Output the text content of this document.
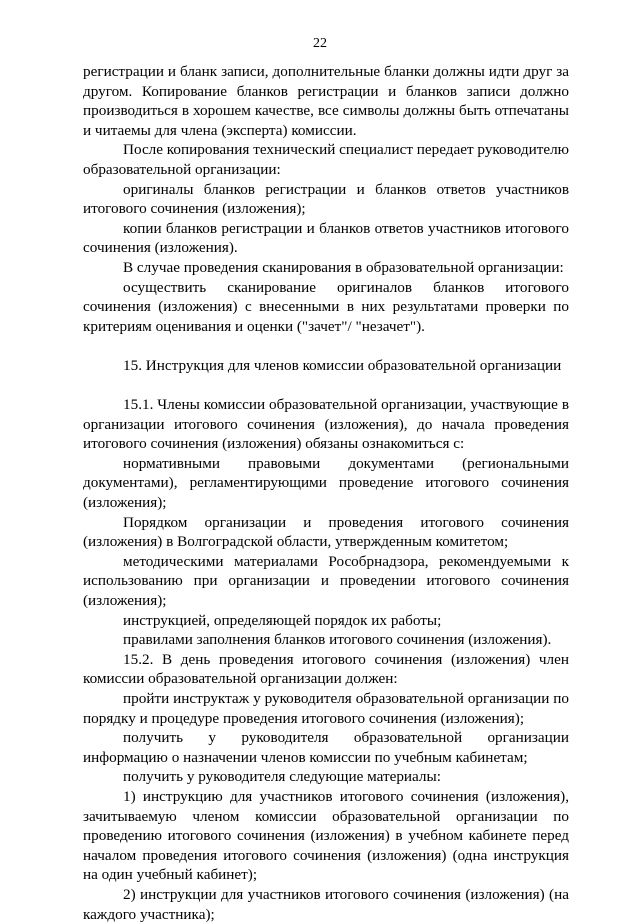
22

регистрации и бланк записи, дополнительные бланки должны идти друг за другом. Копирование бланков регистрации и бланков записи должно производиться в хорошем качестве, все символы должны быть отпечатаны и читаемы для члена (эксперта) комиссии.

После копирования технический специалист передает руководителю образовательной организации:

оригиналы бланков регистрации и бланков ответов участников итогового сочинения (изложения);

копии бланков регистрации и бланков ответов участников итогового сочинения (изложения).

В случае проведения сканирования в образовательной организации:

осуществить сканирование оригиналов бланков итогового сочинения (изложения) с внесенными в них результатами проверки по критериям оценивания и оценки ("зачет"/ "незачет").

15. Инструкция для членов комиссии образовательной организации

15.1. Члены комиссии образовательной организации, участвующие в организации итогового сочинения (изложения), до начала проведения итогового сочинения (изложения) обязаны ознакомиться с:

нормативными правовыми документами (региональными документами), регламентирующими проведение итогового сочинения (изложения);

Порядком организации и проведения итогового сочинения (изложения) в Волгоградской области, утвержденным комитетом;

методическими материалами Рособрнадзора, рекомендуемыми к использованию при организации и проведении итогового сочинения (изложения);

инструкцией, определяющей порядок их работы;

правилами заполнения бланков итогового сочинения (изложения).

15.2. В день проведения итогового сочинения (изложения) член комиссии образовательной организации должен:

пройти инструктаж у руководителя образовательной организации по порядку и процедуре проведения итогового сочинения (изложения);

получить у руководителя образовательной организации информацию о назначении членов комиссии по учебным кабинетам;

получить у руководителя следующие материалы:

1) инструкцию для участников итогового сочинения (изложения), зачитываемую членом комиссии образовательной организации по проведению итогового сочинения (изложения) в учебном кабинете перед началом проведения итогового сочинения (изложения) (одна инструкция на один учебный кабинет);

2) инструкции для участников итогового сочинения (изложения) (на каждого участника);
